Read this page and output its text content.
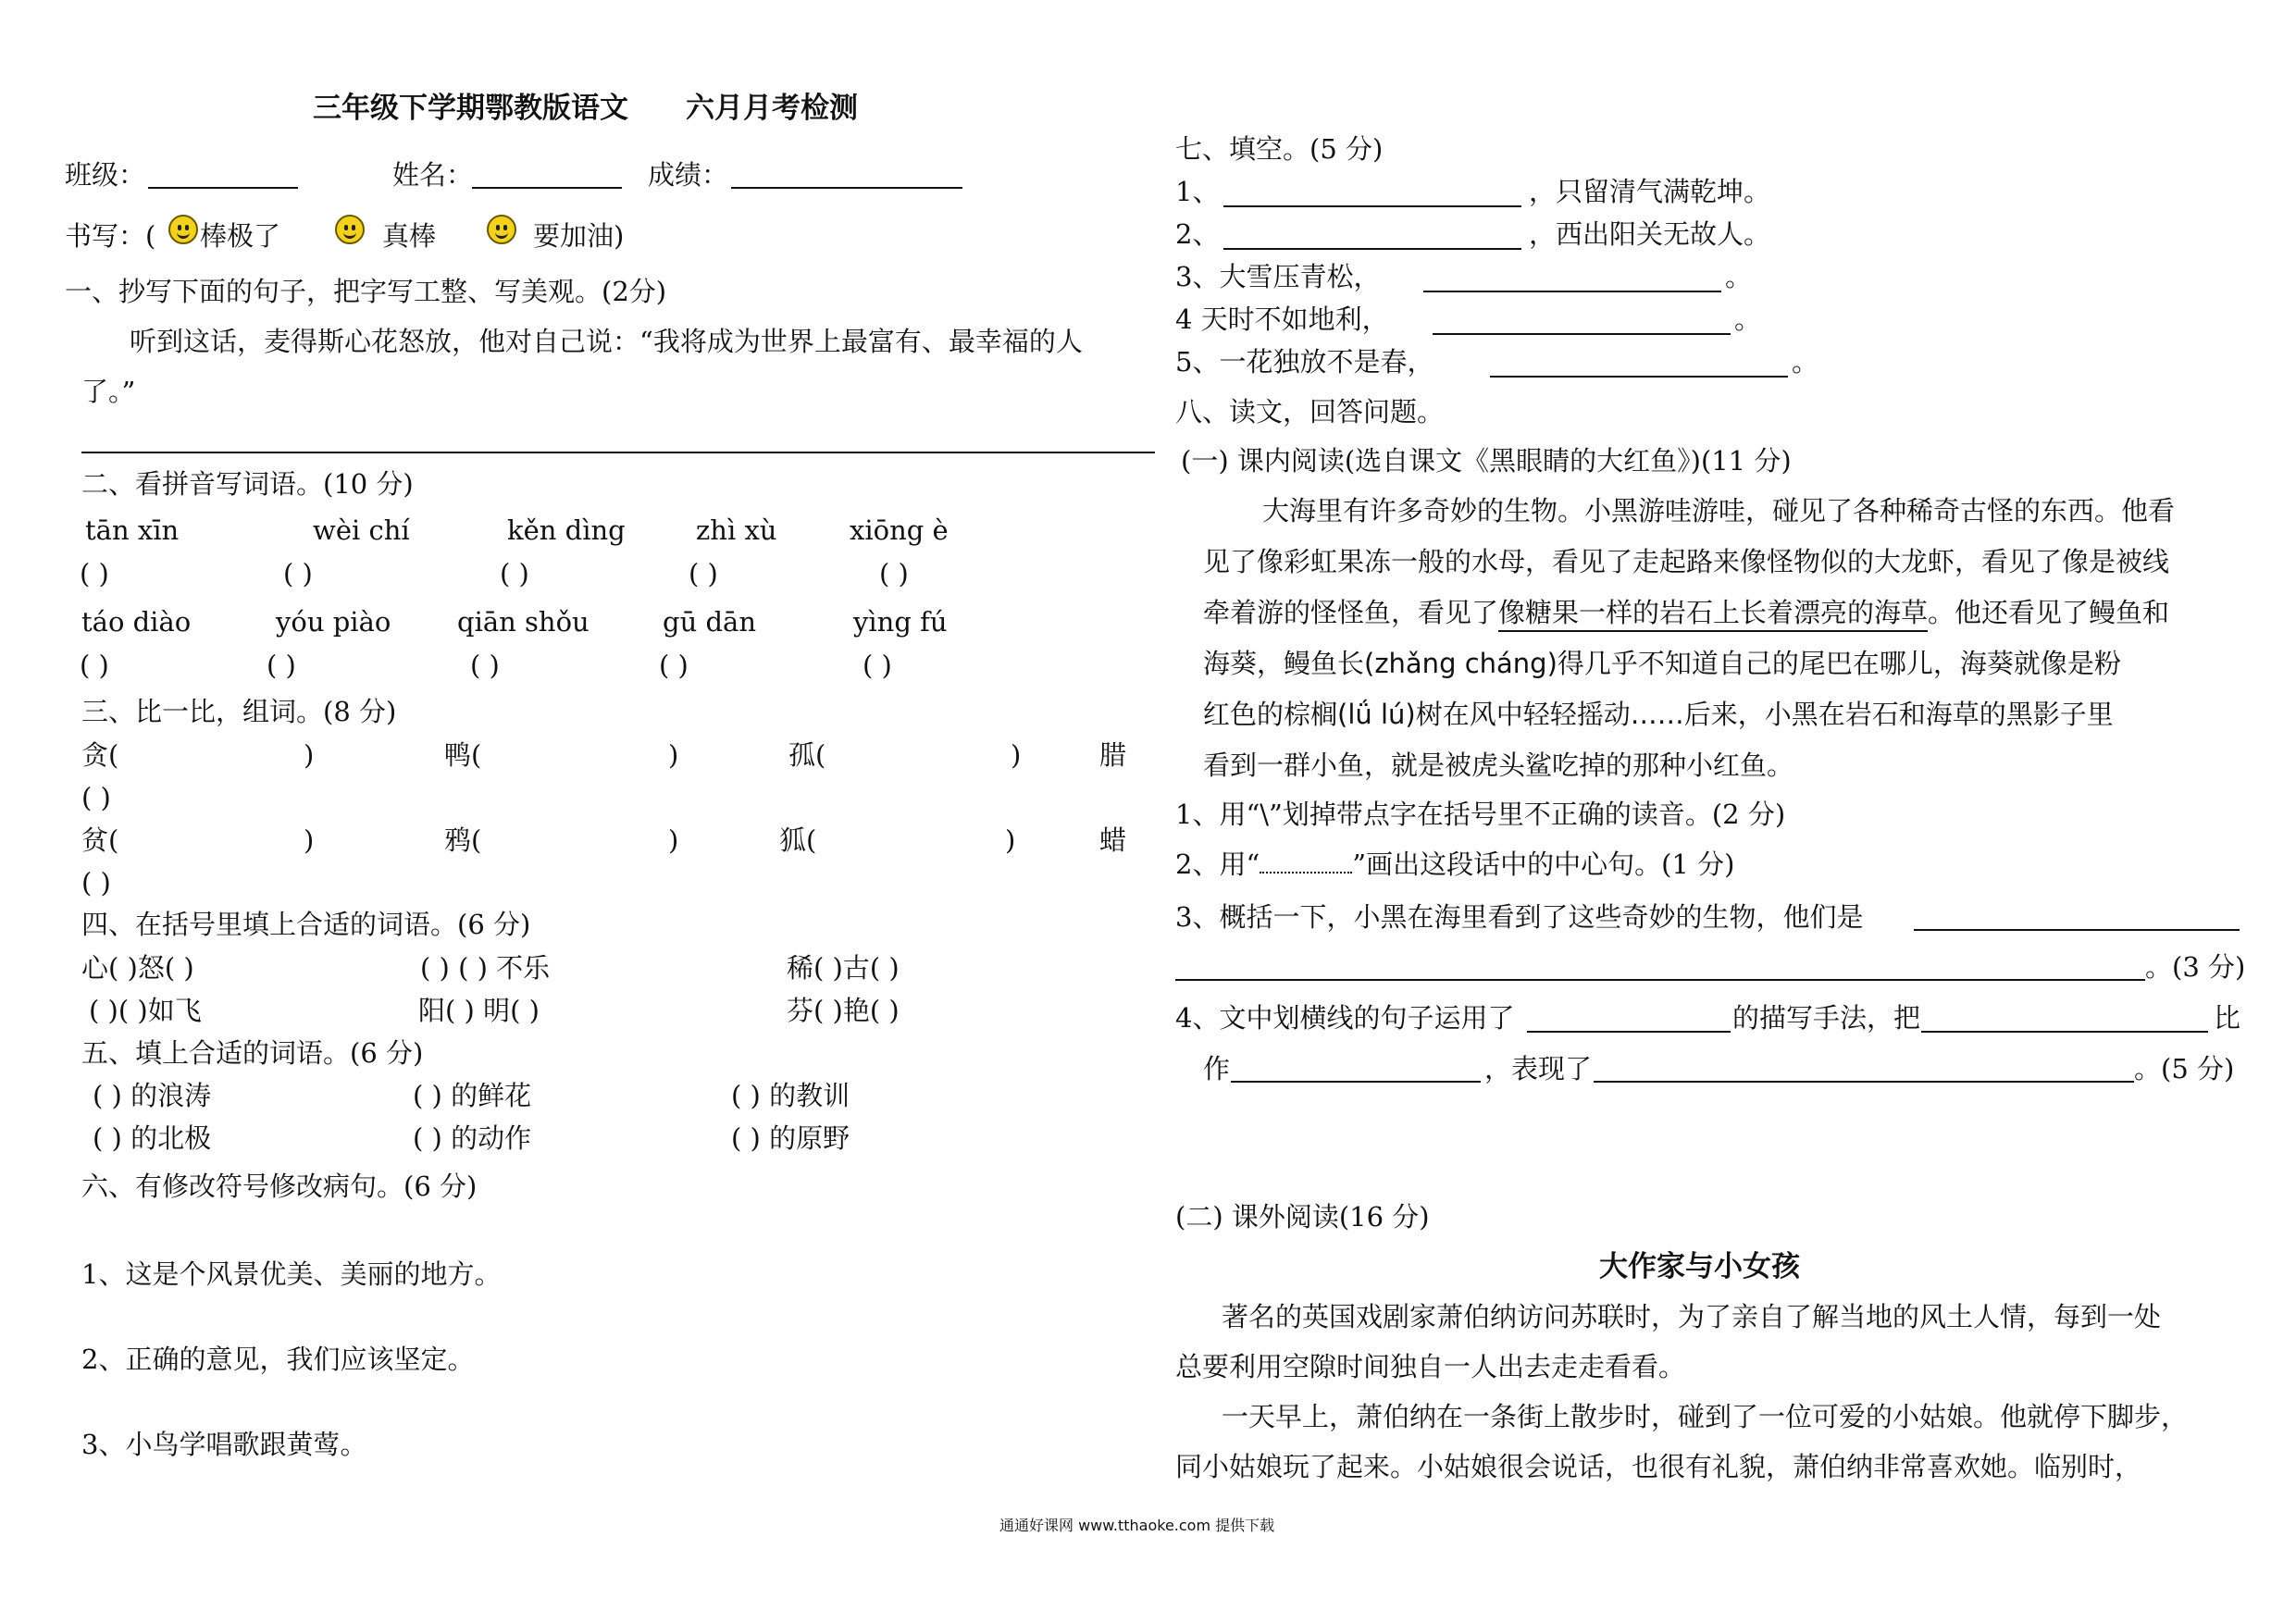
三年级下学期鄂教版语文　　六月月考检测
班级：	姓名：	成绩：
书写：( 棒极了	真棒	要加油)
一、抄写下面的句子，把字写工整、写美观。(2分)
听到这话，麦得斯心花怒放，他对自己说：“我将成为世界上最富有、最幸福的人
了。”
二、看拼音写词语。(10 分)
tān xīn	wèi chí	kěn dìng	zhì xù	xiōng è
( )	( )	( )	( )	( )
táo diào	yóu piào qiān shǒu	gū dān	yìng fú
( )	( )	( )	( )	( )
三、比一比，组词。(8 分)
贪(	)	鸭(	)	孤(	)	腊
( )
贫(	)	鸦(	)	狐(	)	蜡
( )
四、在括号里填上合适的词语。(6 分)
心( )怒( )	( ) ( ) 不乐	稀( )古( )
( )( )如飞	阳( ) 明( )	芬( )艳( )
五、填上合适的词语。(6 分)
( ) 的浪涛	( ) 的鲜花	( ) 的教训
( ) 的北极	( ) 的动作	( ) 的原野
六、有修改符号修改病句。(6 分)
1、这是个风景优美、美丽的地方。
2、正确的意见，我们应该坚定。
3、小鸟学唱歌跟黄莺。
七、填空。(5 分)
1、	，只留清气满乾坤。
2、	，西出阳关无故人。
3、大雪压青松，	。
4 天时不如地利，	。
5、一花独放不是春，	。
八、读文，回答问题。
(一) 课内阅读(选自课文《黑眼睛的大红鱼》)(11 分)
大海里有许多奇妙的生物。小黑游哇游哇，碰见了各种稀奇古怪的东西。他看
见了像彩虹果冻一般的水母，看见了走起路来像怪物似的大龙虾，看见了像是被线
牵着游的怪怪鱼，看见了像糖果一样的岩石上长着漂亮的海草。他还看见了鳗鱼和
海葵，鳗鱼长(zhǎng cháng)得几乎不知道自己的尾巴在哪儿，海葵就像是粉
红色的棕榈(lǘ lú)树在风中轻轻摇动……后来，小黑在岩石和海草的黑影子里
看到一群小鱼，就是被虎头鲨吃掉的那种小红鱼。
1、用“\”划掉带点字在括号里不正确的读音。(2 分)
2、用“	”画出这段话中的中心句。(1 分)
3、概括一下，小黑在海里看到了这些奇妙的生物，他们是
。(3 分)
4、文中划横线的句子运用了	的描写手法，把	比
作	，表现了	。(5 分)
(二) 课外阅读(16 分)
大作家与小女孩
著名的英国戏剧家萧伯纳访问苏联时，为了亲自了解当地的风土人情，每到一处
总要利用空隙时间独自一人出去走走看看。
一天早上，萧伯纳在一条街上散步时，碰到了一位可爱的小姑娘。他就停下脚步，
同小姑娘玩了起来。小姑娘很会说话，也很有礼貌，萧伯纳非常喜欢她。临别时，
通通好课网 www.tthaoke.com 提供下载
